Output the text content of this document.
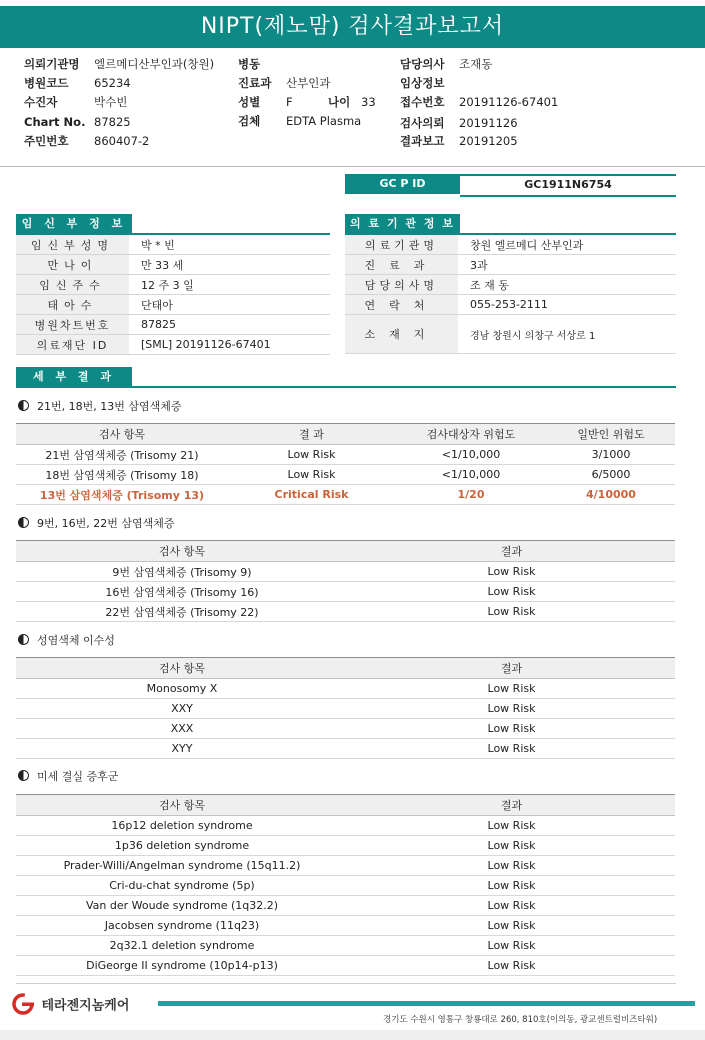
NIPT(제노맘) 검사결과보고서
의뢰기관명 엘르메디산부인과(창원)
병원코드 65234
수진자	박수빈
Chart No. 87825
주민번호 860407-2
병동
진료과 산부인과
성별 F	나이 33
검체 EDTA Plasma
담당의사 조재동
임상정보
접수번호 20191126-67401
검사의뢰 20191126
결과보고 20191205
GC P ID	GC1911N6754
임 신 부 정 보
임신부성명	박 * 빈
만나이	만 33 세
임신주수	12 주 3 일
태아수	단태아
병원차트번호	87825
의료재단 ID	[SML] 20191126-67401
의 료 기 관 정 보
의료기관명	창원 엘르메디 산부인과
진료과	3과
담당의사명	조 재 동
연락처	055-253-2111
소재지	경남 창원시 의창구 서상로 1
세 부 결 과
21번, 18번, 13번 삼염색체증
검사 항목	결 과	검사대상자 위험도	일반인 위험도
21번 삼염색체증 (Trisomy 21)	Low Risk	<1/10,000	3/1000
18번 삼염색체증 (Trisomy 18)	Low Risk	<1/10,000	6/5000
13번 삼염색체증 (Trisomy 13)	Critical Risk	1/20	4/10000
9번, 16번, 22번 삼염색체증
검사 항목	결과
9번 삼염색체증 (Trisomy 9)	Low Risk
16번 삼염색체증 (Trisomy 16)	Low Risk
22번 삼염색체증 (Trisomy 22)	Low Risk
성염색체 이수성
검사 항목	결과
Monosomy X	Low Risk
XXY	Low Risk
XXX	Low Risk
XYY	Low Risk
미세 결실 증후군
검사 항목	결과
16p12 deletion syndrome	Low Risk
1p36 deletion syndrome	Low Risk
Prader-Willi/Angelman syndrome (15q11.2)	Low Risk
Cri-du-chat syndrome (5p)	Low Risk
Van der Woude syndrome (1q32.2)	Low Risk
Jacobsen syndrome (11q23)	Low Risk
2q32.1 deletion syndrome	Low Risk
DiGeorge II syndrome (10p14-p13)	Low Risk
테라젠지놈케어
경기도 수원시 영통구 창룡대로 260, 810호(이의동, 광교센트럴비즈타워)
